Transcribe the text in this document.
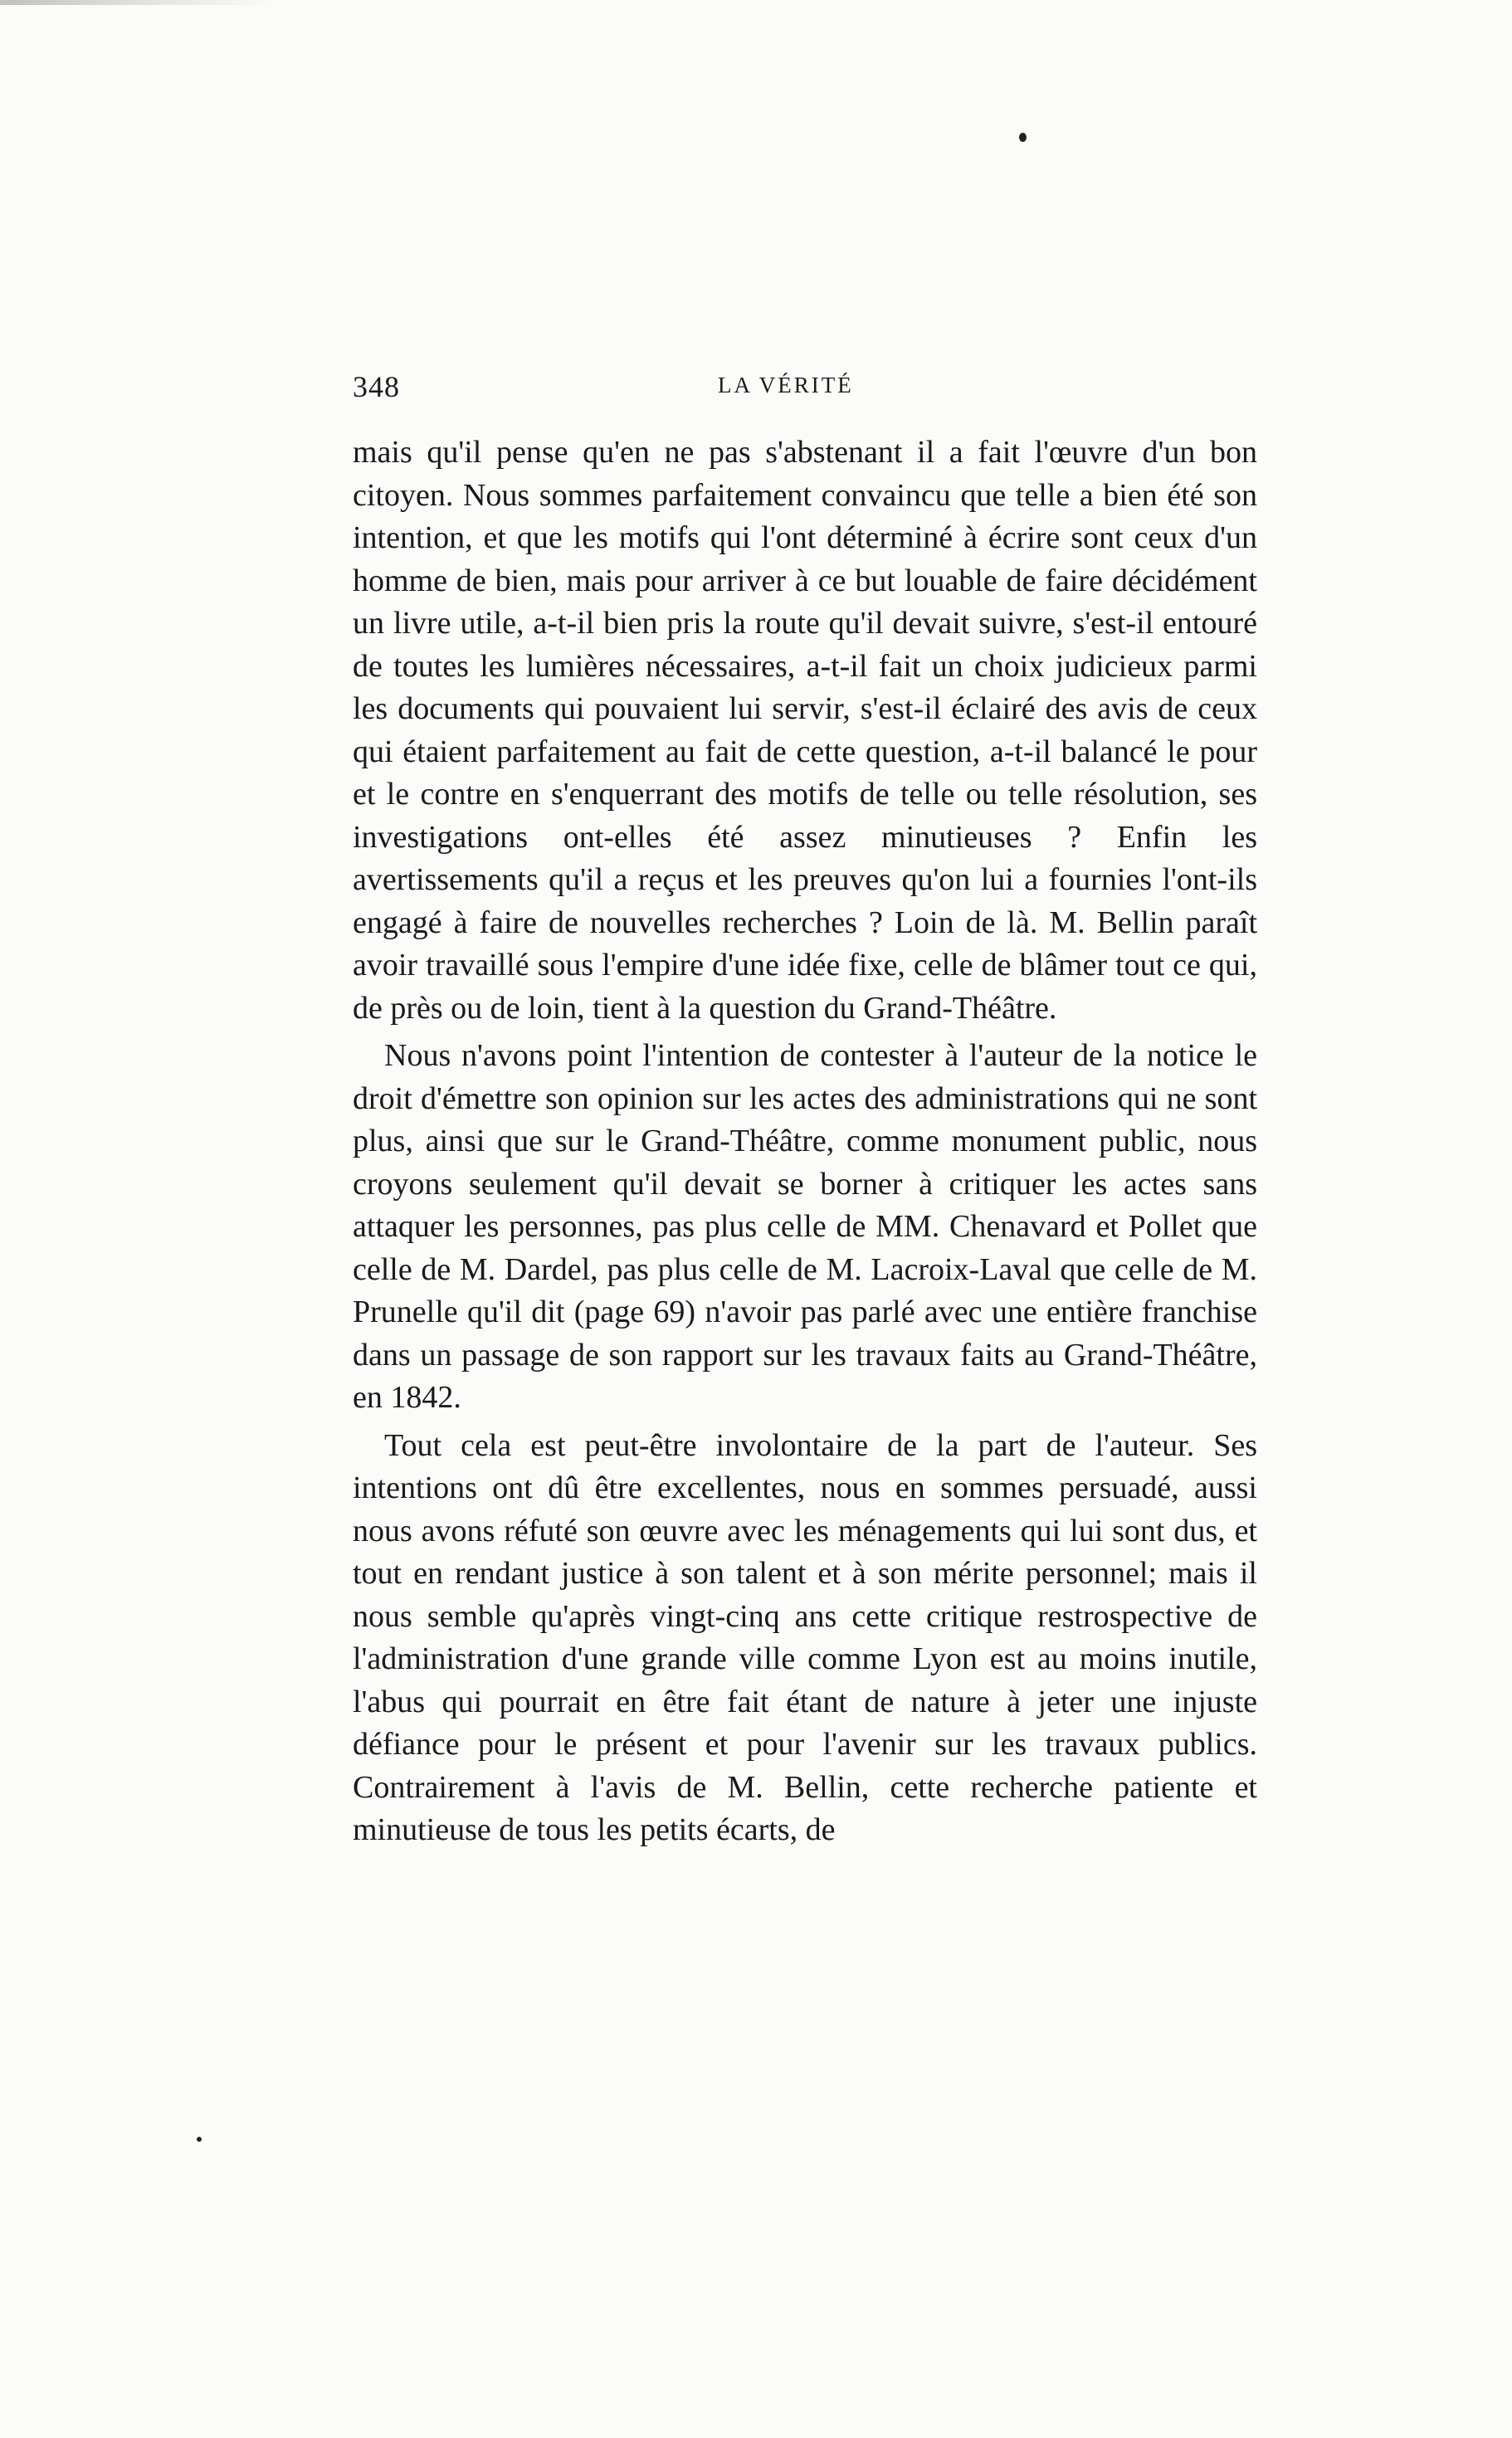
348	LA VÉRITÉ

mais qu'il pense qu'en ne pas s'abstenant il a fait l'œuvre d'un bon citoyen. Nous sommes parfaitement convaincu que telle a bien été son intention, et que les motifs qui l'ont déterminé à écrire sont ceux d'un homme de bien, mais pour arriver à ce but louable de faire décidément un livre utile, a-t-il bien pris la route qu'il devait suivre, s'est-il entouré de toutes les lumières nécessaires, a-t-il fait un choix judicieux parmi les documents qui pouvaient lui servir, s'est-il éclairé des avis de ceux qui étaient parfaitement au fait de cette question, a-t-il balancé le pour et le contre en s'enquerrant des motifs de telle ou telle résolution, ses investigations ont-elles été assez minutieuses ? Enfin les avertissements qu'il a reçus et les preuves qu'on lui a fournies l'ont-ils engagé à faire de nouvelles recherches ? Loin de là. M. Bellin paraît avoir travaillé sous l'empire d'une idée fixe, celle de blâmer tout ce qui, de près ou de loin, tient à la question du Grand-Théâtre.

Nous n'avons point l'intention de contester à l'auteur de la notice le droit d'émettre son opinion sur les actes des administrations qui ne sont plus, ainsi que sur le Grand-Théâtre, comme monument public, nous croyons seulement qu'il devait se borner à critiquer les actes sans attaquer les personnes, pas plus celle de MM. Chenavard et Pollet que celle de M. Dardel, pas plus celle de M. Lacroix-Laval que celle de M. Prunelle qu'il dit (page 69) n'avoir pas parlé avec une entière franchise dans un passage de son rapport sur les travaux faits au Grand-Théâtre, en 1842.

Tout cela est peut-être involontaire de la part de l'auteur. Ses intentions ont dû être excellentes, nous en sommes persuadé, aussi nous avons réfuté son œuvre avec les ménagements qui lui sont dus, et tout en rendant justice à son talent et à son mérite personnel; mais il nous semble qu'après vingt-cinq ans cette critique restrospective de l'administration d'une grande ville comme Lyon est au moins inutile, l'abus qui pourrait en être fait étant de nature à jeter une injuste défiance pour le présent et pour l'avenir sur les travaux publics. Contrairement à l'avis de M. Bellin, cette recherche patiente et minutieuse de tous les petits écarts, de
